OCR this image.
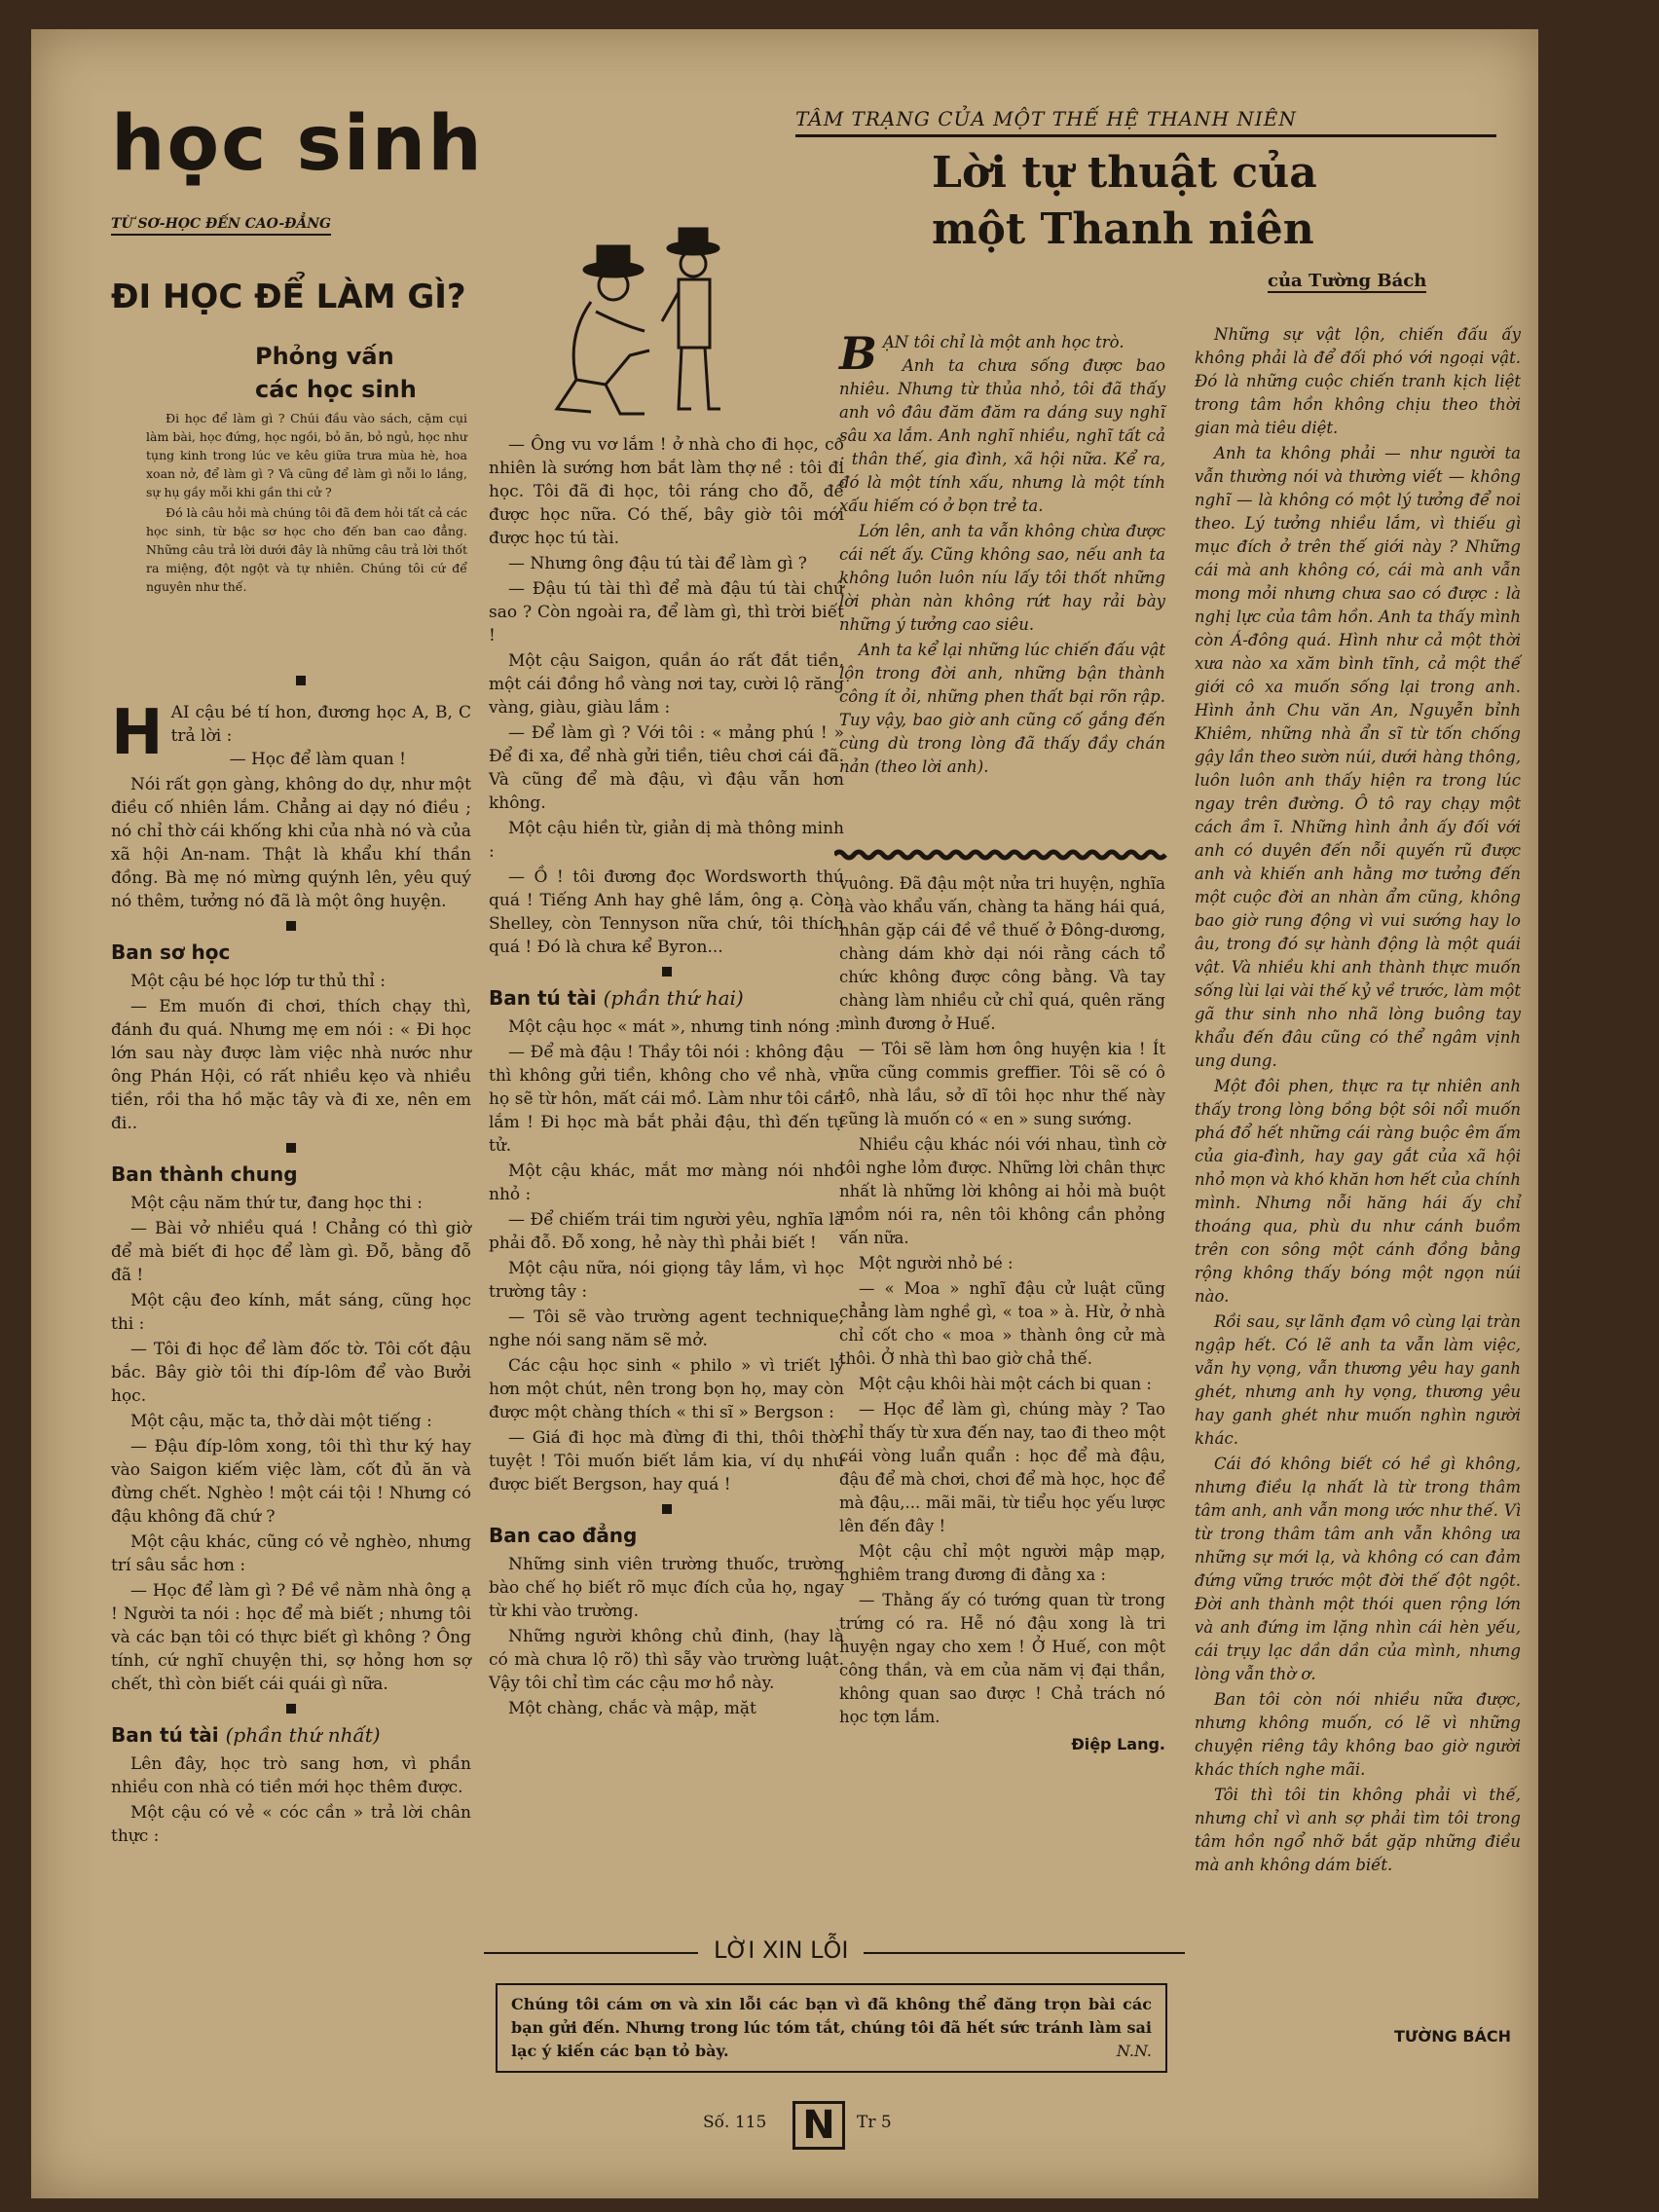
học sinh
TỪ SƠ-HỌC ĐẾN CAO-ĐẲNG
ĐI HỌC ĐỂ LÀM GÌ?
Phỏng vấn
các học sinh
TÂM TRẠNG CỦA MỘT THẾ HỆ THANH NIÊN
Lời tự thuật của
một Thanh niên
của Tường Bách

Đi học để làm gì ? Chúi đầu vào sách, cặm cụi làm bài, học đứng, học ngồi, bỏ ăn, bỏ ngủ, học như tụng kinh trong lúc ve kêu giữa trưa mùa hè, hoa xoan nở, để làm gì ? Và cũng để làm gì nỗi lo lắng, sự hụ gầy mỗi khi gần thi cử ?

Đó là câu hỏi mà chúng tôi đã đem hỏi tất cả các học sinh, từ bậc sơ học cho đến ban cao đẳng. Những câu trả lời dưới đây là những câu trả lời thốt ra miệng, đột ngột và tự nhiên. Chúng tôi cứ để nguyên như thế.

H AI cậu bé tí hon, đương học A, B, C trả lời :

— Học để làm quan !

Nói rất gọn gàng, không do dự, như một điều cố nhiên lắm. Chẳng ai dạy nó điều ; nó chỉ thờ cái khống khi của nhà nó và của xã hội An-nam. Thật là khẩu khí thần đồng. Bà mẹ nó mừng quýnh lên, yêu quý nó thêm, tưởng nó đã là một ông huyện.

Ban sơ học

Một cậu bé học lớp tư thủ thỉ :

— Em muốn đi chơi, thích chạy thì, đánh đu quá. Nhưng mẹ em nói : « Đi học lớn sau này được làm việc nhà nước như ông Phán Hội, có rất nhiều kẹo và nhiều tiền, rồi tha hồ mặc tây và đi xe, nên em đi..

Ban thành chung

Một cậu năm thứ tư, đang học thi :

— Bài vở nhiều quá ! Chẳng có thì giờ để mà biết đi học để làm gì. Đỗ, bằng đỗ đã !

Một cậu đeo kính, mắt sáng, cũng học thi :

— Tôi đi học để làm đốc tờ. Tôi cốt đậu bắc. Bây giờ tôi thi đíp-lôm để vào Bưởi học.

Một cậu, mặc ta, thở dài một tiếng :

— Đậu đíp-lôm xong, tôi thì thư ký hay vào Saigon kiếm việc làm, cốt đủ ăn và đừng chết. Nghèo ! một cái tội ! Nhưng có đậu không đã chứ ?

Một cậu khác, cũng có vẻ nghèo, nhưng trí sâu sắc hơn :

— Học để làm gì ? Đề về nằm nhà ông ạ ! Người ta nói : học để mà biết ; nhưng tôi và các bạn tôi có thực biết gì không ? Ông tính, cứ nghĩ chuyện thi, sợ hỏng hơn sợ chết, thì còn biết cái quái gì nữa.

Ban tú tài (phần thứ nhất)

Lên đây, học trò sang hơn, vì phần nhiều con nhà có tiền mới học thêm được.

Một cậu có vẻ « cóc cần » trả lời chân thực :

— Ông vu vơ lắm ! ở nhà cho đi học, cố nhiên là sướng hơn bắt làm thợ nề : tôi đi học. Tôi đã đi học, tôi ráng cho đỗ, để được học nữa. Có thế, bây giờ tôi mới được học tú tài.

— Nhưng ông đậu tú tài để làm gì ?

— Đậu tú tài thì để mà đậu tú tài chứ sao ? Còn ngoài ra, để làm gì, thì trời biết !

Một cậu Saigon, quần áo rất đắt tiền, một cái đồng hồ vàng nơi tay, cười lộ răng vàng, giàu, giàu lắm :

— Để làm gì ? Với tôi : « mảng phú ! » Để đi xa, để nhà gửi tiền, tiêu chơi cái đã. Và cũng để mà đậu, vì đậu vẫn hơn không.

Một cậu hiền từ, giản dị mà thông minh :

— Ồ ! tôi đương đọc Wordsworth thú quá ! Tiếng Anh hay ghê lắm, ông ạ. Còn Shelley, còn Tennyson nữa chứ, tôi thích quá ! Đó là chưa kể Byron...

Ban tú tài (phần thứ hai)

Một cậu học « mát », nhưng tinh nóng :

— Để mà đậu ! Thầy tôi nói : không đậu thì không gửi tiền, không cho về nhà, vì họ sẽ từ hôn, mất cái mồ. Làm như tôi cần lắm ! Đi học mà bắt phải đậu, thì đến tự tử.

Một cậu khác, mắt mơ màng nói nho nhỏ :

— Để chiếm trái tim người yêu, nghĩa là phải đỗ. Đỗ xong, hẻ này thì phải biết !

Một cậu nữa, nói giọng tây lắm, vì học trường tây :

— Tôi sẽ vào trường agent technique, nghe nói sang năm sẽ mở.

Các cậu học sinh « philo » vì triết lý hơn một chút, nên trong bọn họ, may còn được một chàng thích « thi sĩ » Bergson :

— Giá đi học mà đừng đi thi, thôi thời tuyệt ! Tôi muốn biết lắm kia, ví dụ như được biết Bergson, hay quá !

Ban cao đẳng

Những sinh viên trường thuốc, trường bào chế họ biết rõ mục đích của họ, ngay từ khi vào trường.

Những người không chủ đinh, (hay là có mà chưa lộ rõ) thì sẵy vào trường luật. Vậy tôi chỉ tìm các cậu mơ hồ này.

Một chàng, chắc và mập, mặt

B ẠN tôi chỉ là một anh học trò.

Anh ta chưa sống được bao nhiêu. Nhưng từ thủa nhỏ, tôi đã thấy anh vô đâu đăm đăm ra dáng suy nghĩ sâu xa lắm. Anh nghĩ nhiều, nghĩ tất cả : thân thế, gia đình, xã hội nữa. Kể ra, đó là một tính xấu, nhưng là một tính xấu hiếm có ở bọn trẻ ta.

Lớn lên, anh ta vẫn không chừa được cái nết ấy. Cũng không sao, nếu anh ta không luôn luôn níu lấy tôi thốt những lời phàn nàn không rứt hay rải bày những ý tưởng cao siêu.

Anh ta kể lại những lúc chiến đấu vật lộn trong đời anh, những bận thành công ít ỏi, những phen thất bại rõn rập. Tuy vậy, bao giờ anh cũng cố gắng đến cùng dù trong lòng đã thấy đầy chán nản (theo lời anh).

vuông. Đã đậu một nửa tri huyện, nghĩa là vào khẩu vấn, chàng ta hăng hái quá, nhân gặp cái đề về thuế ở Đông-dương, chàng dám khờ dại nói rằng cách tổ chức không được công bằng. Và tay chàng làm nhiều cử chỉ quá, quên răng mình đương ở Huế.

— Tôi sẽ làm hơn ông huyện kia ! Ít nữa cũng commis greffier. Tôi sẽ có ô tô, nhà lầu, sở dĩ tôi học như thế này cũng là muốn có « en » sung sướng.

Nhiều cậu khác nói với nhau, tình cờ tôi nghe lỏm được. Những lời chân thực nhất là những lời không ai hỏi mà buột mồm nói ra, nên tôi không cần phỏng vấn nữa.

Một người nhỏ bé :

— « Moa » nghĩ đậu cử luật cũng chẳng làm nghề gì, « toa » à. Hừ, ở nhà chỉ cốt cho « moa » thành ông cử mà thôi. Ở nhà thì bao giờ chả thế.

Một cậu khôi hài một cách bi quan :

— Học để làm gì, chúng mày ? Tao chỉ thấy từ xưa đến nay, tao đi theo một cái vòng luẩn quẩn : học để mà đậu, đậu để mà chơi, chơi để mà học, học để mà đậu,... mãi mãi, từ tiểu học yếu lược lên đến đây !

Một cậu chỉ một người mập mạp, nghiêm trang đương đi đằng xa :

— Thằng ấy có tướng quan từ trong trứng có ra. Hễ nó đậu xong là tri huyện ngay cho xem ! Ở Huế, con một công thần, và em của năm vị đại thần, không quan sao được ! Chả trách nó học tợn lắm.

Điệp Lang.

Những sự vật lộn, chiến đấu ấy không phải là để đối phó với ngoại vật. Đó là những cuộc chiến tranh kịch liệt trong tâm hồn không chịu theo thời gian mà tiêu diệt.

Anh ta không phải — như người ta vẫn thường nói và thường viết — không nghĩ — là không có một lý tưởng để noi theo. Lý tưởng nhiều lắm, vì thiếu gì mục đích ở trên thế giới này ? Những cái mà anh không có, cái mà anh vẫn mong mỏi nhưng chưa sao có được : là nghị lực của tâm hồn. Anh ta thấy mình còn Á-đông quá. Hình như cả một thời xưa nào xa xăm bình tĩnh, cả một thế giới cô xa muốn sống lại trong anh. Hình ảnh Chu văn An, Nguyễn bỉnh Khiêm, những nhà ẩn sĩ từ tốn chống gậy lần theo sườn núi, dưới hàng thông, luôn luôn anh thấy hiện ra trong lúc ngay trên đường. Ô tô ray chạy một cách ầm ĩ. Những hình ảnh ấy đối với anh có duyên đến nỗi quyến rũ được anh và khiến anh hằng mơ tưởng đến một cuộc đời an nhàn ẩm cũng, không bao giờ rung động vì vui sướng hay lo âu, trong đó sự hành động là một quái vật. Và nhiều khi anh thành thực muốn sống lùi lại vài thế kỷ về trước, làm một gã thư sinh nho nhã lòng buông tay khẩu đến đâu cũng có thể ngâm vịnh ung dung.

Một đôi phen, thực ra tự nhiên anh thấy trong lòng bồng bột sôi nổi muốn phá đổ hết những cái ràng buộc êm ấm của gia-đình, hay gay gắt của xã hội nhỏ mọn và khó khăn hơn hết của chính mình. Nhưng nỗi hăng hái ấy chỉ thoáng qua, phù du như cánh buồm trên con sông một cánh đồng bằng rộng không thấy bóng một ngọn núi nào.

Rồi sau, sự lãnh đạm vô cùng lại tràn ngập hết. Có lẽ anh ta vẫn làm việc, vẫn hy vọng, vẫn thương yêu hay ganh ghét, nhưng anh hy vọng, thương yêu hay ganh ghét như muốn nghìn người khác.

Cái đó không biết có hề gì không, nhưng điều lạ nhất là từ trong thâm tâm anh, anh vẫn mong ước như thế. Vì từ trong thâm tâm anh vẫn không ưa những sự mới lạ, và không có can đảm đứng vững trước một đời thế đột ngột. Đời anh thành một thói quen rộng lớn và anh đứng im lặng nhìn cái hèn yếu, cái trụy lạc dần dần của mình, nhưng lòng vẫn thờ ơ.

Ban tôi còn nói nhiều nữa được, nhưng không muốn, có lẽ vì những chuyện riêng tây không bao giờ người khác thích nghe mãi.

Tôi thì tôi tin không phải vì thế, nhưng chỉ vì anh sợ phải tìm tôi trong tâm hồn ngổ nhỡ bắt gặp những điều mà anh không dám biết.

TƯỜNG BÁCH
LỜI XIN LỖI
Chúng tôi cám ơn và xin lỗi các bạn vì đã không thể đăng trọn bài các bạn gửi đến. Nhưng trong lúc tóm tắt, chúng tôi đã hết sức tránh làm sai lạc ý kiến các bạn tỏ bày.	N.N.
Số. 115 N	Tr 5
